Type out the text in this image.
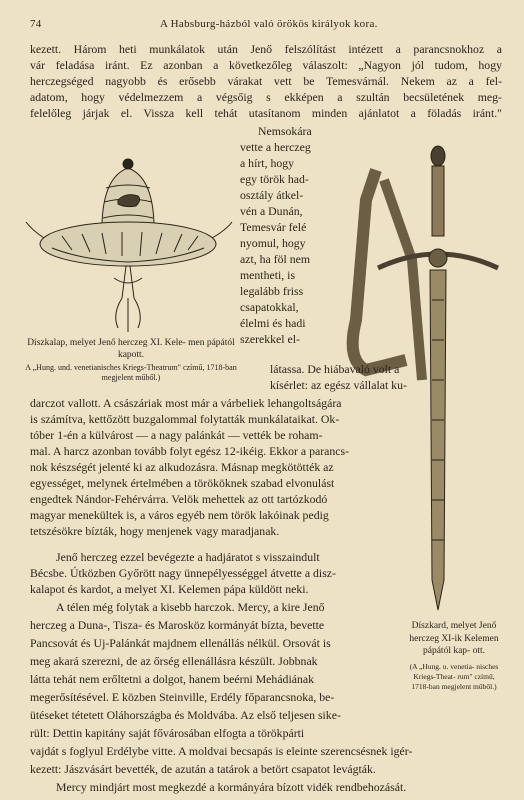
74	A Habsburg-házból való örökös királyok kora.
kezett. Három heti munkálatok után Jenő felszólítást intézett a parancsnokhoz a
vár feladása iránt. Ez azonban a következőleg válaszolt: „Nagyon jól tudom, hogy
herczegséged nagyobb és erősebb várakat vett be Temesvárnál. Nekem az a fel-
adatom, hogy védelmezzem a végsőig s ekképen a szultán becsületének meg-
felelőleg járjak el. Vissza kell tehát utasítanom minden ajánlatot a föladás iránt."
Díszkalap, melyet Jenő herczeg XI. Kele- men pápától kapott.
A „Hung. und. venetianisches Kriegs-Theatrum" czímű, 1718-ban megjelent műből.)
Nemsokára
vette a herczeg
a hírt, hogy
egy török had-
osztály átkel-
vén a Dunán,
Temesvár felé
nyomul, hogy
azt, ha föl nem
mentheti, is
legalább friss
csapatokkal,
élelmi és hadi
szerekkel el-
Díszkard, melyet Jenő herczeg XI-ik Kelemen pápától kap- ott.
(A „Hung. u. venetia- nisches Kriegs-Theat- rum" czímű, 1718-ban megjelent műből.)
látassa. De hiábavaló volt a
kísérlet: az egész vállalat ku-
darczot vallott. A császáriak most már a várbeliek lehangoltságára
is számítva, kettőzött buzgalommal folytatták munkálataikat. Ok-
tóber 1-én a külvárost — a nagy palánkát — vették be roham-
mal. A harcz azonban tovább folyt egész 12-ikéig. Ekkor a parancs-
nok készségét jelenté ki az alkudozásra. Másnap megkötötték az
egyességet, melynek értelmében a törököknek szabad elvonulást
engedtek Nándor-Fehérvárra. Velök mehettek az ott tartózkodó
magyar menekültek is, a város egyéb nem török lakóinak pedig
tetszésökre bízták, hogy menjenek vagy maradjanak.
Jenő herczeg ezzel bevégezte a hadjáratot s visszaindult
Bécsbe. Útközben Győrött nagy ünnepélyességgel átvette a disz-
kalapot és kardot, a melyet XI. Kelemen pápa küldött neki.
A télen még folytak a kisebb harczok. Mercy, a kire Jenő
herczeg a Duna-, Tisza- és Marosköz kormányát bízta, bevette
Pancsovát és Uj-Palánkát majdnem ellenállás nélkül. Orsovát is
meg akará szerezni, de az őrség ellenállásra készült. Jobbnak
látta tehát nem erőltetni a dolgot, hanem beérni Mehádiának
megerősítésével. E közben Steinville, Erdély főparancsnoka, be-
ütéseket tétetett Oláhországba és Moldvába. Az első teljesen sike-
rült: Dettin kapitány saját fővárosában elfogta a törökpárti
vajdát s foglyul Erdélybe vitte. A moldvai becsapás is eleinte szerencsésnek igér-
kezett: Jászvásárt bevették, de azután a tatárok a betört csapatot levágták.
Mercy mindjárt most megkezdé a kormányára bízott vidék rendbehozását.
